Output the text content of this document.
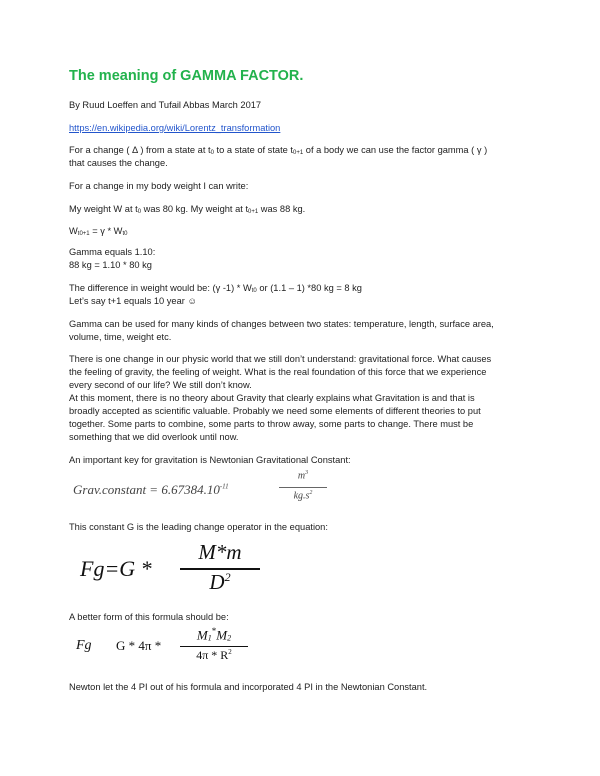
The meaning of GAMMA FACTOR.
By Ruud Loeffen and Tufail Abbas March 2017
https://en.wikipedia.org/wiki/Lorentz_transformation
For a change ( Δ ) from a state at $t_0$ to a state of state $t_{0+1}$ of a body we can use the factor gamma ( γ )
that causes the change.
For a change in my body weight I can write:
My weight W at $t_0$ was 80 kg. My weight at $t_{0+1}$ was 88 kg.
$W_{t0+1} = \gamma * W_{t0}$
Gamma equals 1.10:
88 kg = 1.10 * 80 kg
The difference in weight would be: (γ $-1) * W_{t0}$ or (1.1 – 1) *80 kg = 8 kg
Let’s say t+1 equals 10 year ☺
Gamma can be used for many kinds of changes between two states: temperature, length, surface area,
volume, time, weight etc.
There is one change in our physic world that we still don’t understand: gravitational force. What causes
the feeling of gravity, the feeling of weight. What is the real foundation of this force that we experience
every second of our life? We still don’t know.
At this moment, there is no theory about Gravity that clearly explains what Gravitation is and that is
broadly accepted as scientific valuable. Probably we need some elements of different theories to put
together. Some parts to combine, some parts to throw away, some parts to change. There must be
something that we did overlook until now.
An important key for gravitation is Newtonian Gravitational Constant:
Grav.constant = $6.67384.10^{-11}$
$m^3$
$kg.s^2$
This constant G is the leading change operator in the equation:
Fg=G *
M*m
$D^2$
A better form of this formula should be:
Fg G * 4π *
$M_1^*M_2$
$4\pi * R^2$
Newton let the 4 PI out of his formula and incorporated 4 PI in the Newtonian Constant.
